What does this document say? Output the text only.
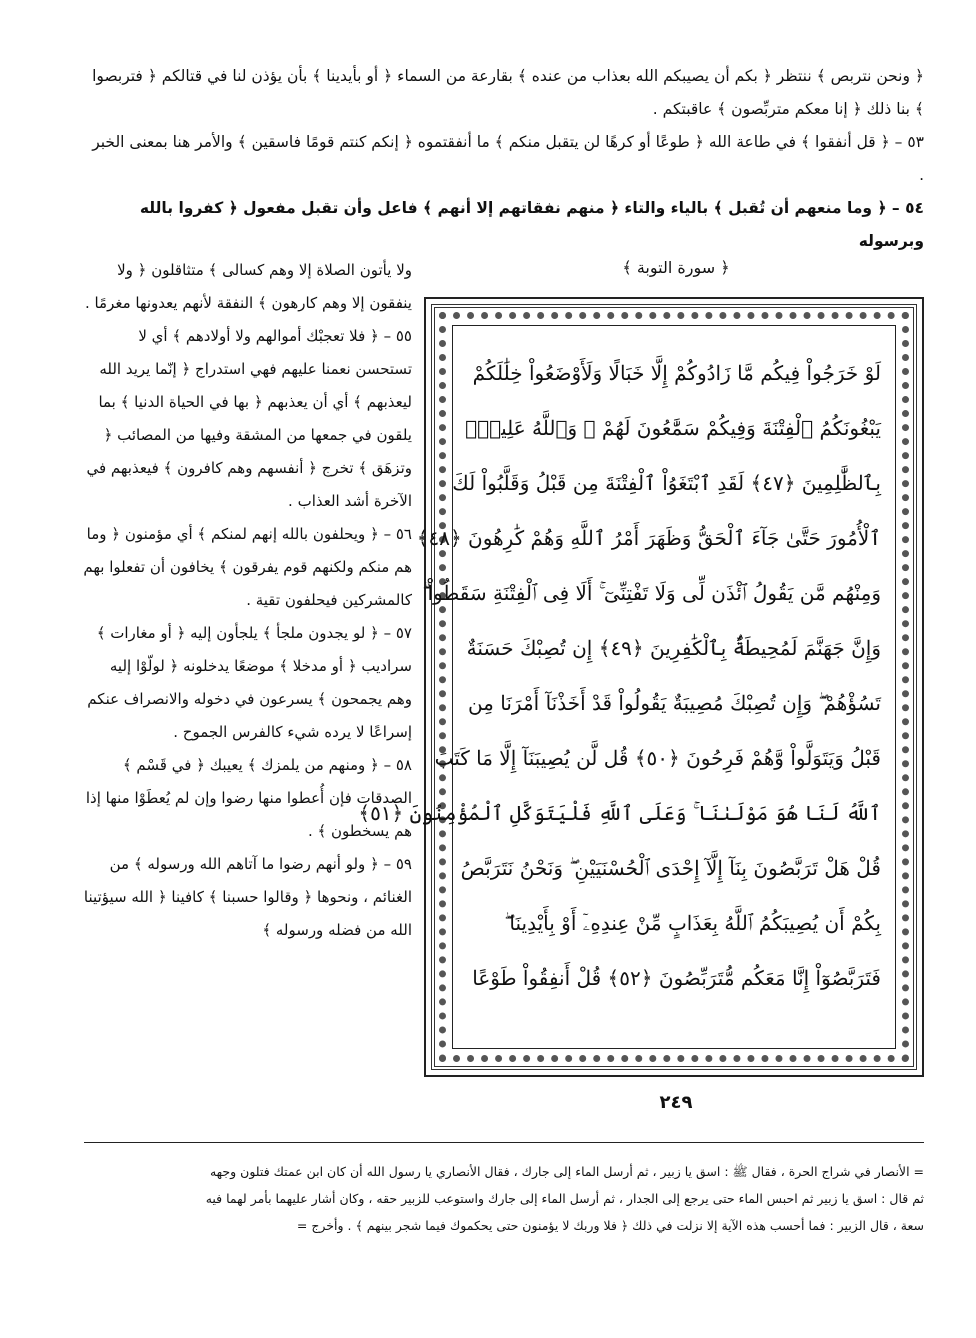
﴿ ونحن نتربص ﴾ ننتظر ﴿ بكم أن يصيبكم الله بعذاب من عنده ﴾ بقارعة من السماء ﴿ أو بأيدينا ﴾ بأن يؤذن لنا في قتالكم ﴿ فتربصوا ﴾ بنا ذلك ﴿ إنا معكم متربِّصون ﴾ عاقبتكم .

٥٣ – ﴿ قل أنفقوا ﴾ في طاعة الله ﴿ طوعًا أو كرهًا لن يتقبل منكم ﴾ ما أنفقتموه ﴿ إنكم كنتم قومًا فاسقين ﴾ والأمر هنا بمعنى الخبر .

٥٤ – ﴿ وما منعهم أن تُقبل ﴾ بالياء والتاء ﴿ منهم نفقاتهم إلا أنهم ﴾ فاعل وأن تقبل مفعول ﴿ كفروا بالله وبرسوله

﴿ سورة التوبة ﴾

لَوْ خَرَجُواْ فِيكُم مَّا زَادُوكُمْ إِلَّا خَبَالًا وَلَأَوْضَعُواْ خِلَٰلَكُمْ

يَبْغُونَكُمُ ٱلْفِتْنَةَ وَفِيكُمْ سَمَّٰعُونَ لَهُمْ ۗ وَٱللَّهُ عَلِيمٌۢ

بِٱلظَّٰلِمِينَ ﴿٤٧﴾ لَقَدِ ٱبْتَغَوُاْ ٱلْفِتْنَةَ مِن قَبْلُ وَقَلَّبُواْ لَكَ

ٱلْأُمُورَ حَتَّىٰ جَآءَ ٱلْحَقُّ وَظَهَرَ أَمْرُ ٱللَّهِ وَهُمْ كَٰرِهُونَ ﴿٤٨﴾

وَمِنْهُم مَّن يَقُولُ ٱئْذَن لِّى وَلَا تَفْتِنِّىٓ ۚ أَلَا فِى ٱلْفِتْنَةِ سَقَطُواْ ۗ

وَإِنَّ جَهَنَّمَ لَمُحِيطَةٌۢ بِٱلْكَٰفِرِينَ ﴿٤٩﴾ إِن تُصِبْكَ حَسَنَةٌ

تَسُؤْهُمْ ۖ وَإِن تُصِبْكَ مُصِيبَةٌ يَقُولُواْ قَدْ أَخَذْنَآ أَمْرَنَا مِن

قَبْلُ وَيَتَوَلَّواْ وَّهُمْ فَرِحُونَ ﴿٥٠﴾ قُل لَّن يُصِيبَنَآ إِلَّا مَا كَتَبَ

ٱللَّهُ لَنَا هُوَ مَوْلَىٰنَا ۚ وَعَلَى ٱللَّهِ فَلْيَتَوَكَّلِ ٱلْمُؤْمِنُونَ ﴿٥١﴾

قُلْ هَلْ تَرَبَّصُونَ بِنَآ إِلَّآ إِحْدَى ٱلْحُسْنَيَيْنِ ۖ وَنَحْنُ نَتَرَبَّصُ

بِكُمْ أَن يُصِيبَكُمُ ٱللَّهُ بِعَذَابٍ مِّنْ عِندِهِۦٓ أَوْ بِأَيْدِينَا ۖ

فَتَرَبَّصُوٓاْ إِنَّا مَعَكُم مُّتَرَبِّصُونَ ﴿٥٢﴾ قُلْ أَنفِقُواْ طَوْعًا

٢٤٩

ولا يأتون الصلاة إلا وهم كسالى ﴾ متثاقلون ﴿ ولا ينفقون إلا وهم كارهون ﴾ النفقة لأنهم يعدونها مغرمًا .

٥٥ – ﴿ فلا تعجبْك أموالهم ولا أولادهم ﴾ أي لا تستحسن نعمنا عليهم فهي استدراج ﴿ إنّما يريد الله ليعذبهم ﴾ أي أن يعذبهم ﴿ بها في الحياة الدنيا ﴾ بما يلقون في جمعها من المشقة وفيها من المصائب ﴿ وتزهَق ﴾ تخرج ﴿ أنفسهم وهم كافرون ﴾ فيعذبهم في الآخرة أشد العذاب .

٥٦ – ﴿ ويحلفون بالله إنهم لمنكم ﴾ أي مؤمنون ﴿ وما هم منكم ولكنهم قوم يفرقون ﴾ يخافون أن تفعلوا بهم كالمشركين فيحلفون تقية .

٥٧ – ﴿ لو يجدون ملجأ ﴾ يلجأون إليه ﴿ أو مغارات ﴾ سراديب ﴿ أو مدخلا ﴾ موضعًا يدخلونه ﴿ لولّوْا إليه وهم يجمحون ﴾ يسرعون في دخوله والانصراف عنكم إسراعًا لا يرده شيء كالفرس الجموح .

٥٨ – ﴿ ومنهم من يلمزك ﴾ يعيبك ﴿ في قَسْم ﴾ الصدقات فإن أُعطوا منها رضوا وإن لم يُعطَوْا منها إذا هم يسخطون ﴾ .

٥٩ – ﴿ ولو أنهم رضوا ما آتاهم الله ورسوله ﴾ من الغنائم ، ونحوها ﴿ وقالوا حسبنا ﴾ كافينا ﴿ الله سيؤتينا الله من فضله ورسوله ﴾

= الأنصار في شراج الحرة ، فقال ﷺ : اسق يا زبير ، ثم أرسل الماء إلى جارك ، فقال الأنصاري يا رسول الله أن كان ابن عمتك فتلون وجهه

ثم قال : اسق يا زبير ثم احبس الماء حتى يرجع إلى الجدار ، ثم أرسل الماء إلى جارك واستوعب للزبير حقه ، وكان أشار عليهما بأمر لهما فيه

سعة ، قال الزبير : فما أحسب هذه الآية إلا نزلت في ذلك ﴿ فلا وربك لا يؤمنون حتى يحكموك فيما شجر بينهم ﴾ . وأخرج =
